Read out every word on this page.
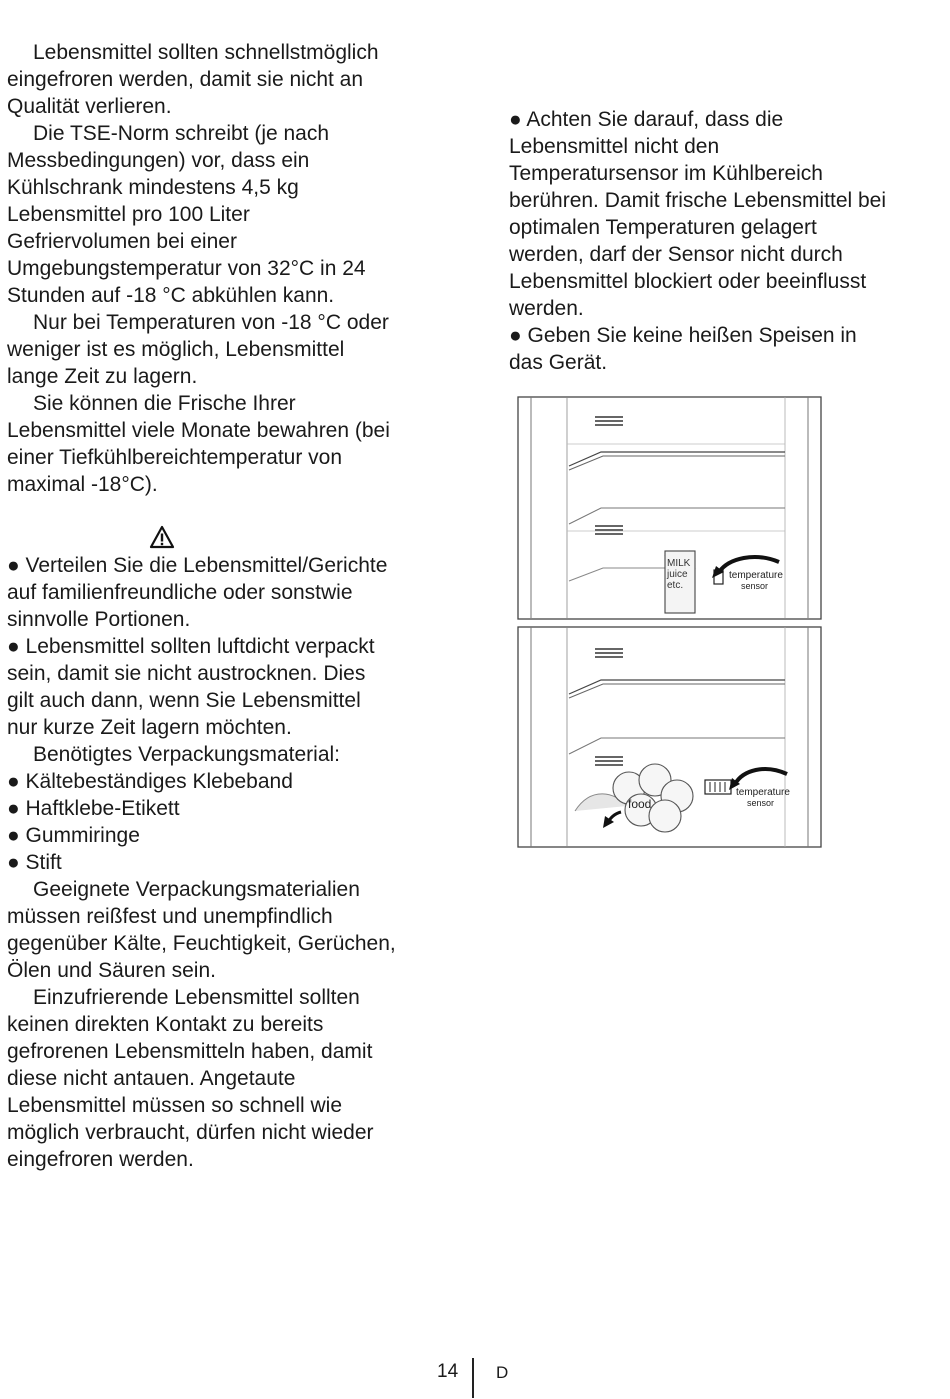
Lebensmittel sollten schnellstmöglich
eingefroren werden, damit sie nicht an
Qualität verlieren.

Die TSE-Norm schreibt (je nach
Messbedingungen) vor, dass ein
Kühlschrank mindestens 4,5 kg
Lebensmittel pro 100 Liter
Gefriervolumen bei einer
Umgebungstemperatur von 32°C in 24
Stunden auf -18 °C abkühlen kann.

Nur bei Temperaturen von -18 °C oder
weniger ist es möglich, Lebensmittel
lange Zeit zu lagern.

Sie können die Frische Ihrer
Lebensmittel viele Monate bewahren (bei
einer Tiefkühlbereichtemperatur von
maximal -18°C).

● Verteilen Sie die Lebensmittel/Gerichte
auf familienfreundliche oder sonstwie
sinnvolle Portionen.

● Lebensmittel sollten luftdicht verpackt
sein, damit sie nicht austrocknen. Dies
gilt auch dann, wenn Sie Lebensmittel
nur kurze Zeit lagern möchten.

Benötigtes Verpackungsmaterial:

● Kältebeständiges Klebeband

● Haftklebe-Etikett

● Gummiringe

● Stift

Geeignete Verpackungsmaterialien
müssen reißfest und unempfindlich
gegenüber Kälte, Feuchtigkeit, Gerüchen,
Ölen und Säuren sein.

Einzufrierende Lebensmittel sollten
keinen direkten Kontakt zu bereits
gefrorenen Lebensmitteln haben, damit
diese nicht antauen. Angetaute
Lebensmittel müssen so schnell wie
möglich verbraucht, dürfen nicht wieder
eingefroren werden.

● Achten Sie darauf, dass die
Lebensmittel nicht den
Temperatursensor im Kühlbereich
berühren. Damit frische Lebensmittel bei
optimalen Temperaturen gelagert
werden, darf der Sensor nicht durch
Lebensmittel blockiert oder beeinflusst
werden.

● Geben Sie keine heißen Speisen in
das Gerät.

MILK
juice
etc.
temperature
sensor
food
temperature
sensor
14 D
